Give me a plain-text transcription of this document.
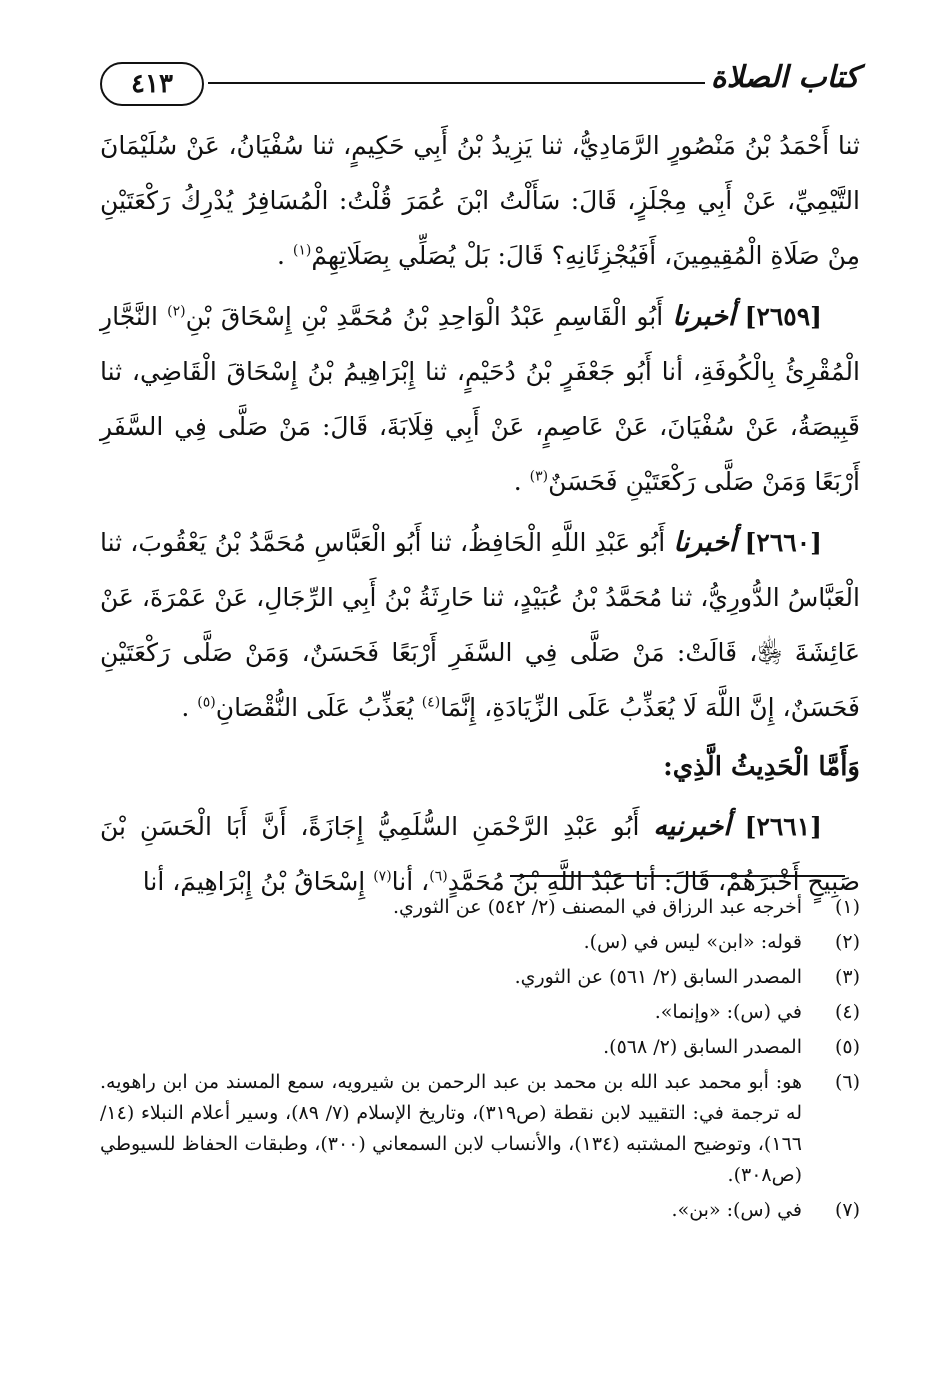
٤١٣	كتاب الصلاة

ثنا أَحْمَدُ بْنُ مَنْصُورٍ الرَّمَادِيُّ، ثنا يَزِيدُ بْنُ أَبِي حَكِيمٍ، ثنا سُفْيَانُ، عَنْ سُلَيْمَانَ التَّيْمِيِّ، عَنْ أَبِي مِجْلَزٍ، قَالَ: سَأَلْتُ ابْنَ عُمَرَ قُلْتُ: الْمُسَافِرُ يُدْرِكُ رَكْعَتَيْنِ مِنْ صَلَاةِ الْمُقِيمِينَ، أَفَيُجْزِئَانِهِ؟ قَالَ: بَلْ يُصَلِّي بِصَلَاتِهِمْ$^{(١)}$ .

[٢٦٥٩] أخبرنا أَبُو الْقَاسِمِ عَبْدُ الْوَاحِدِ بْنُ مُحَمَّدِ بْنِ إِسْحَاقَ بْنِ$^{(٢)}$ النَّجَّارِ الْمُقْرِئُ بِالْكُوفَةِ، أنا أَبُو جَعْفَرٍ بْنُ دُحَيْمٍ، ثنا إِبْرَاهِيمُ بْنُ إِسْحَاقَ الْقَاضِي، ثنا قَبِيصَةُ، عَنْ سُفْيَانَ، عَنْ عَاصِمٍ، عَنْ أَبِي قِلَابَةَ، قَالَ: مَنْ صَلَّى فِي السَّفَرِ أَرْبَعًا وَمَنْ صَلَّى رَكْعَتَيْنِ فَحَسَنٌ$^{(٣)}$ .

[٢٦٦٠] أخبرنا أَبُو عَبْدِ اللَّهِ الْحَافِظُ، ثنا أَبُو الْعَبَّاسِ مُحَمَّدُ بْنُ يَعْقُوبَ، ثنا الْعَبَّاسُ الدُّورِيُّ، ثنا مُحَمَّدُ بْنُ عُبَيْدٍ، ثنا حَارِثَةُ بْنُ أَبِي الرِّجَالِ، عَنْ عَمْرَةَ، عَنْ عَائِشَةَ ﵂، قَالَتْ: مَنْ صَلَّى فِي السَّفَرِ أَرْبَعًا فَحَسَنٌ، وَمَنْ صَلَّى رَكْعَتَيْنِ فَحَسَنٌ، إِنَّ اللَّهَ لَا يُعَذِّبُ عَلَى الزِّيَادَةِ، إِنَّمَا$^{(٤)}$ يُعَذِّبُ عَلَى النُّقْصَانِ$^{(٥)}$ .

وَأَمَّا الْحَدِيثُ الَّذِي:

[٢٦٦١] أخبرنيه أَبُو عَبْدِ الرَّحْمَنِ السُّلَمِيُّ إِجَازَةً، أَنَّ أَبَا الْحَسَنِ بْنَ صَبِيحٍ أَخْبَرَهُمْ، قَالَ: أنا عَبْدُ اللَّهِ بْنُ مُحَمَّدٍ$^{(٦)}$، أنا$^{(٧)}$ إِسْحَاقُ بْنُ إِبْرَاهِيمَ، أنا

(١)
أخرجه عبد الرزاق في المصنف (٢/ ٥٤٢) عن الثوري.
(٢)
قوله: «ابن» ليس في (س).
(٣)
المصدر السابق (٢/ ٥٦١) عن الثوري.
(٤)
في (س): «وإنما».
(٥)
المصدر السابق (٢/ ٥٦٨).
(٦)
هو: أبو محمد عبد الله بن محمد بن عبد الرحمن بن شيرويه، سمع المسند من ابن راهويه. له ترجمة في: التقييد لابن نقطة (ص٣١٩)، وتاريخ الإسلام (٧/ ٨٩)، وسير أعلام النبلاء (١٤/ ١٦٦)، وتوضيح المشتبه (١٣٤)، والأنساب لابن السمعاني (٣٠٠)، وطبقات الحفاظ للسيوطي (ص٣٠٨).
(٧)
في (س): «بن».
